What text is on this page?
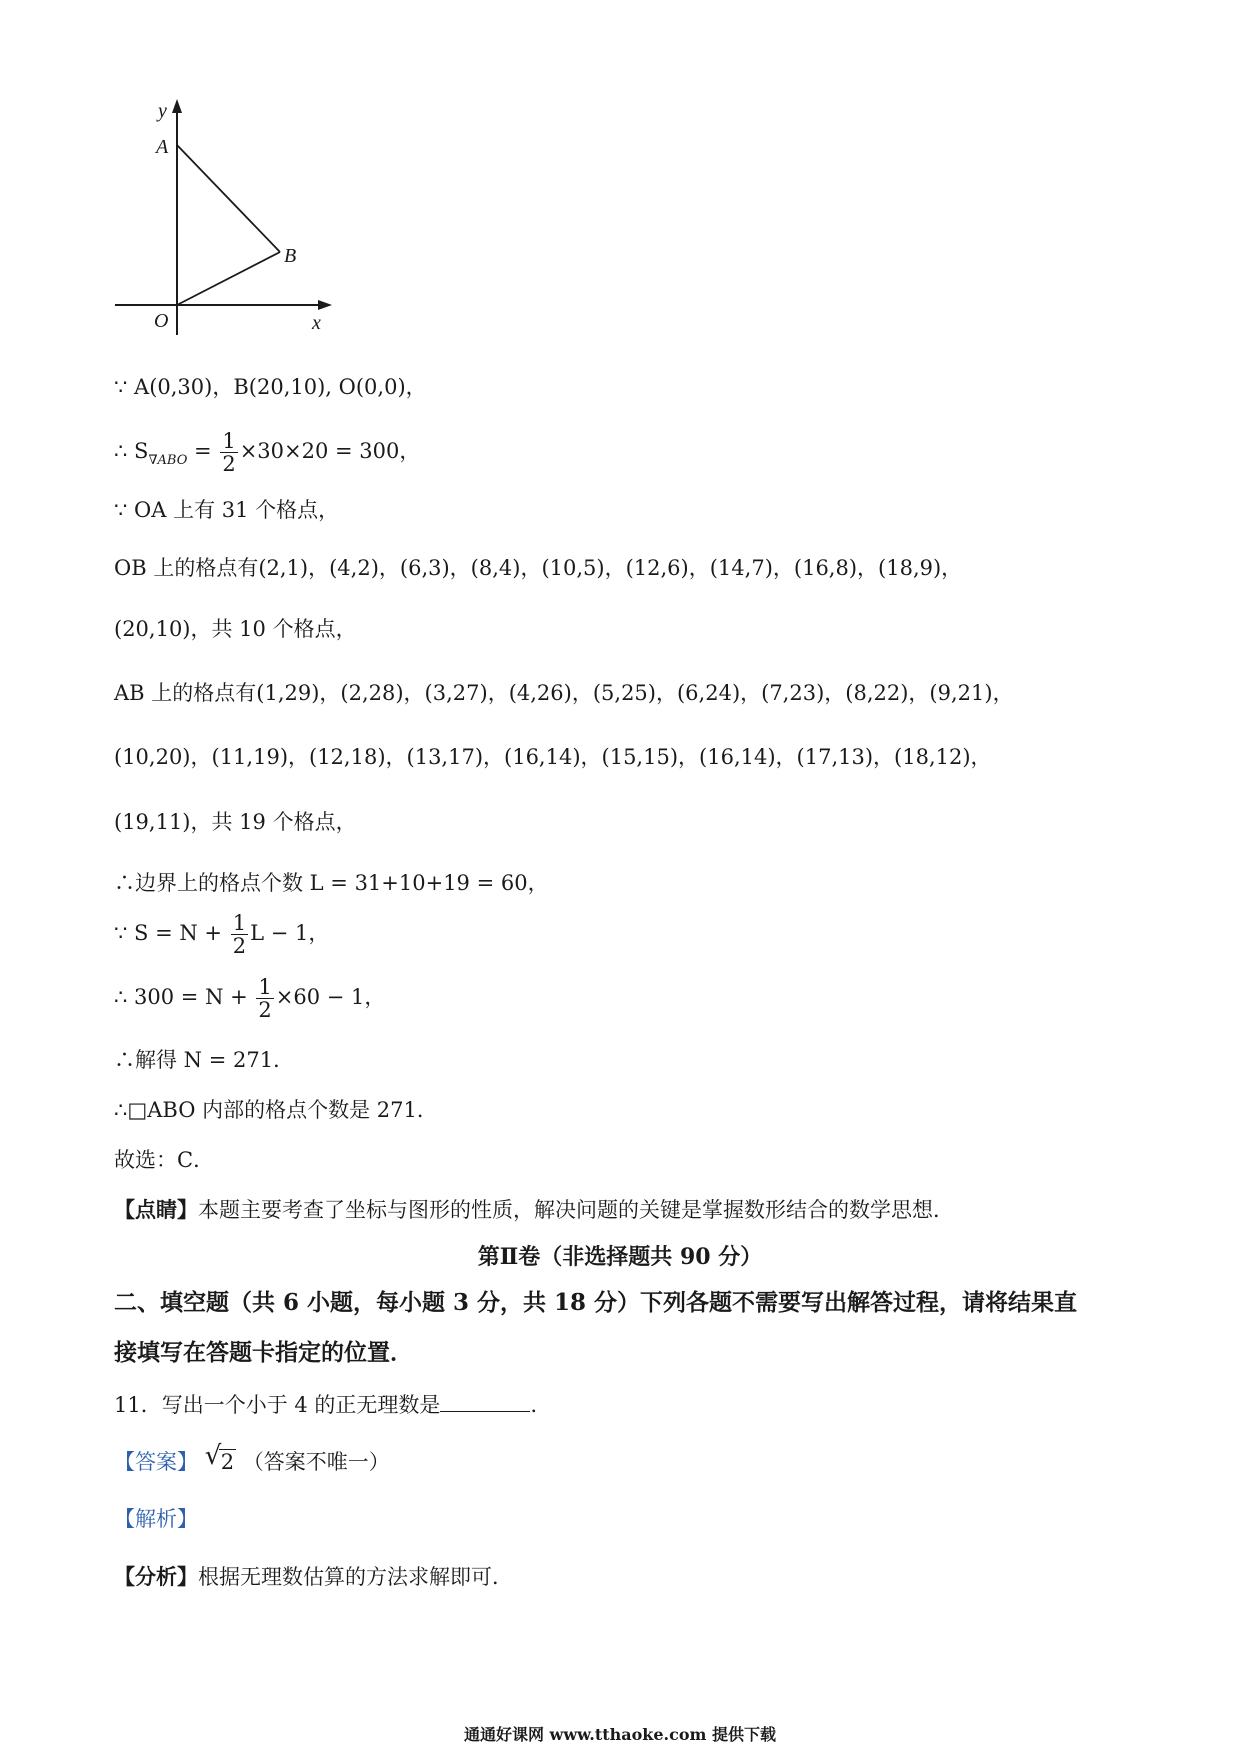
y
A
B
O	x
∵ A(0,30)，B(20,10), O(0,0)，
∴ $S_{\nabla ABO} = \frac{1}{2} \times 30\times 20 = 300$，
∵ OA 上有 31 个格点，
OB 上的格点有(2,1)，(4,2)，(6,3)，(8,4)，(10,5)，(12,6)，(14,7)，(16,8)，(18,9)，
(20,10)，共 10 个格点，
AB 上的格点有(1,29)，(2,28)，(3,27)，(4,26)，(5,25)，(6,24)，(7,23)，(8,22)，(9,21)，
(10,20)，(11,19)，(12,18)，(13,17)，(16,14)，(15,15)，(16,14)，(17,13)，(18,12)，
(19,11)，共 19 个格点，
∴边界上的格点个数 L = 31+10+19 = 60，
∵ $S = N + \frac{1}{2}$ L − 1，
∴ $300 = N + \frac{1}{2} \times 60 - 1$，
∴解得 N = 271．
∴□ABO 内部的格点个数是 271．
故选：C．
【点睛】本题主要考查了坐标与图形的性质，解决问题的关键是掌握数形结合的数学思想．
第Ⅱ卷（非选择题共 90 分）
二、填空题（共 6 小题，每小题 3 分，共 18 分）下列各题不需要写出解答过程，请将结果直
接填写在答题卡指定的位置．
11．写出一个小于 4 的正无理数是	．
【答案】 √ 2 （答案不唯一）
【解析】
【分析】根据无理数估算的方法求解即可．
通通好课网 www.tthaoke.com 提供下载
